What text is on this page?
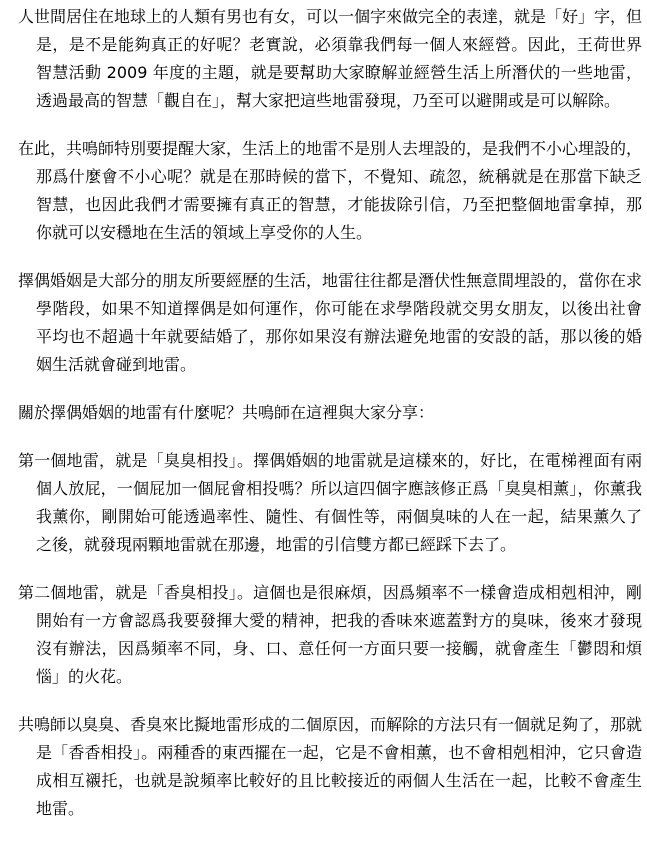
人世間居住在地球上的人類有男也有女，可以一個字來做完全的表達，就是「好」字，但是，是不是能夠真正的好呢？老實說，必須靠我們每一個人來經營。因此，王荷世界智慧活動 2009 年度的主題，就是要幫助大家瞭解並經營生活上所潛伏的一些地雷，透過最高的智慧「觀自在」，幫大家把這些地雷發現，乃至可以避開或是可以解除。

在此，共鳴師特別要提醒大家，生活上的地雷不是別人去埋設的，是我們不小心埋設的，那爲什麼會不小心呢？就是在那時候的當下，不覺知、疏忽，統稱就是在那當下缺乏智慧，也因此我們才需要擁有真正的智慧，才能拔除引信，乃至把整個地雷拿掉，那你就可以安穩地在生活的領域上享受你的人生。

擇偶婚姻是大部分的朋友所要經歷的生活，地雷往往都是潛伏性無意間埋設的，當你在求學階段，如果不知道擇偶是如何運作，你可能在求學階段就交男女朋友，以後出社會平均也不超過十年就要結婚了，那你如果沒有辦法避免地雷的安設的話，那以後的婚姻生活就會碰到地雷。

關於擇偶婚姻的地雷有什麼呢？共鳴師在這裡與大家分享：

第一個地雷，就是「臭臭相投」。擇偶婚姻的地雷就是這樣來的，好比，在電梯裡面有兩個人放屁，一個屁加一個屁會相投嗎？所以這四個字應該修正爲「臭臭相薰」，你薰我我薰你，剛開始可能透過率性、隨性、有個性等，兩個臭味的人在一起，結果薰久了之後，就發現兩顆地雷就在那邊，地雷的引信雙方都已經踩下去了。

第二個地雷，就是「香臭相投」。這個也是很麻煩，因爲頻率不一樣會造成相剋相沖，剛開始有一方會認爲我要發揮大愛的精神，把我的香味來遮蓋對方的臭味，後來才發現沒有辦法，因爲頻率不同，身、口、意任何一方面只要一接觸，就會產生「鬱悶和煩惱」的火花。

共鳴師以臭臭、香臭來比擬地雷形成的二個原因，而解除的方法只有一個就足夠了，那就是「香香相投」。兩種香的東西擺在一起，它是不會相薰，也不會相剋相沖，它只會造成相互襯托，也就是說頻率比較好的且比較接近的兩個人生活在一起，比較不會產生地雷。
